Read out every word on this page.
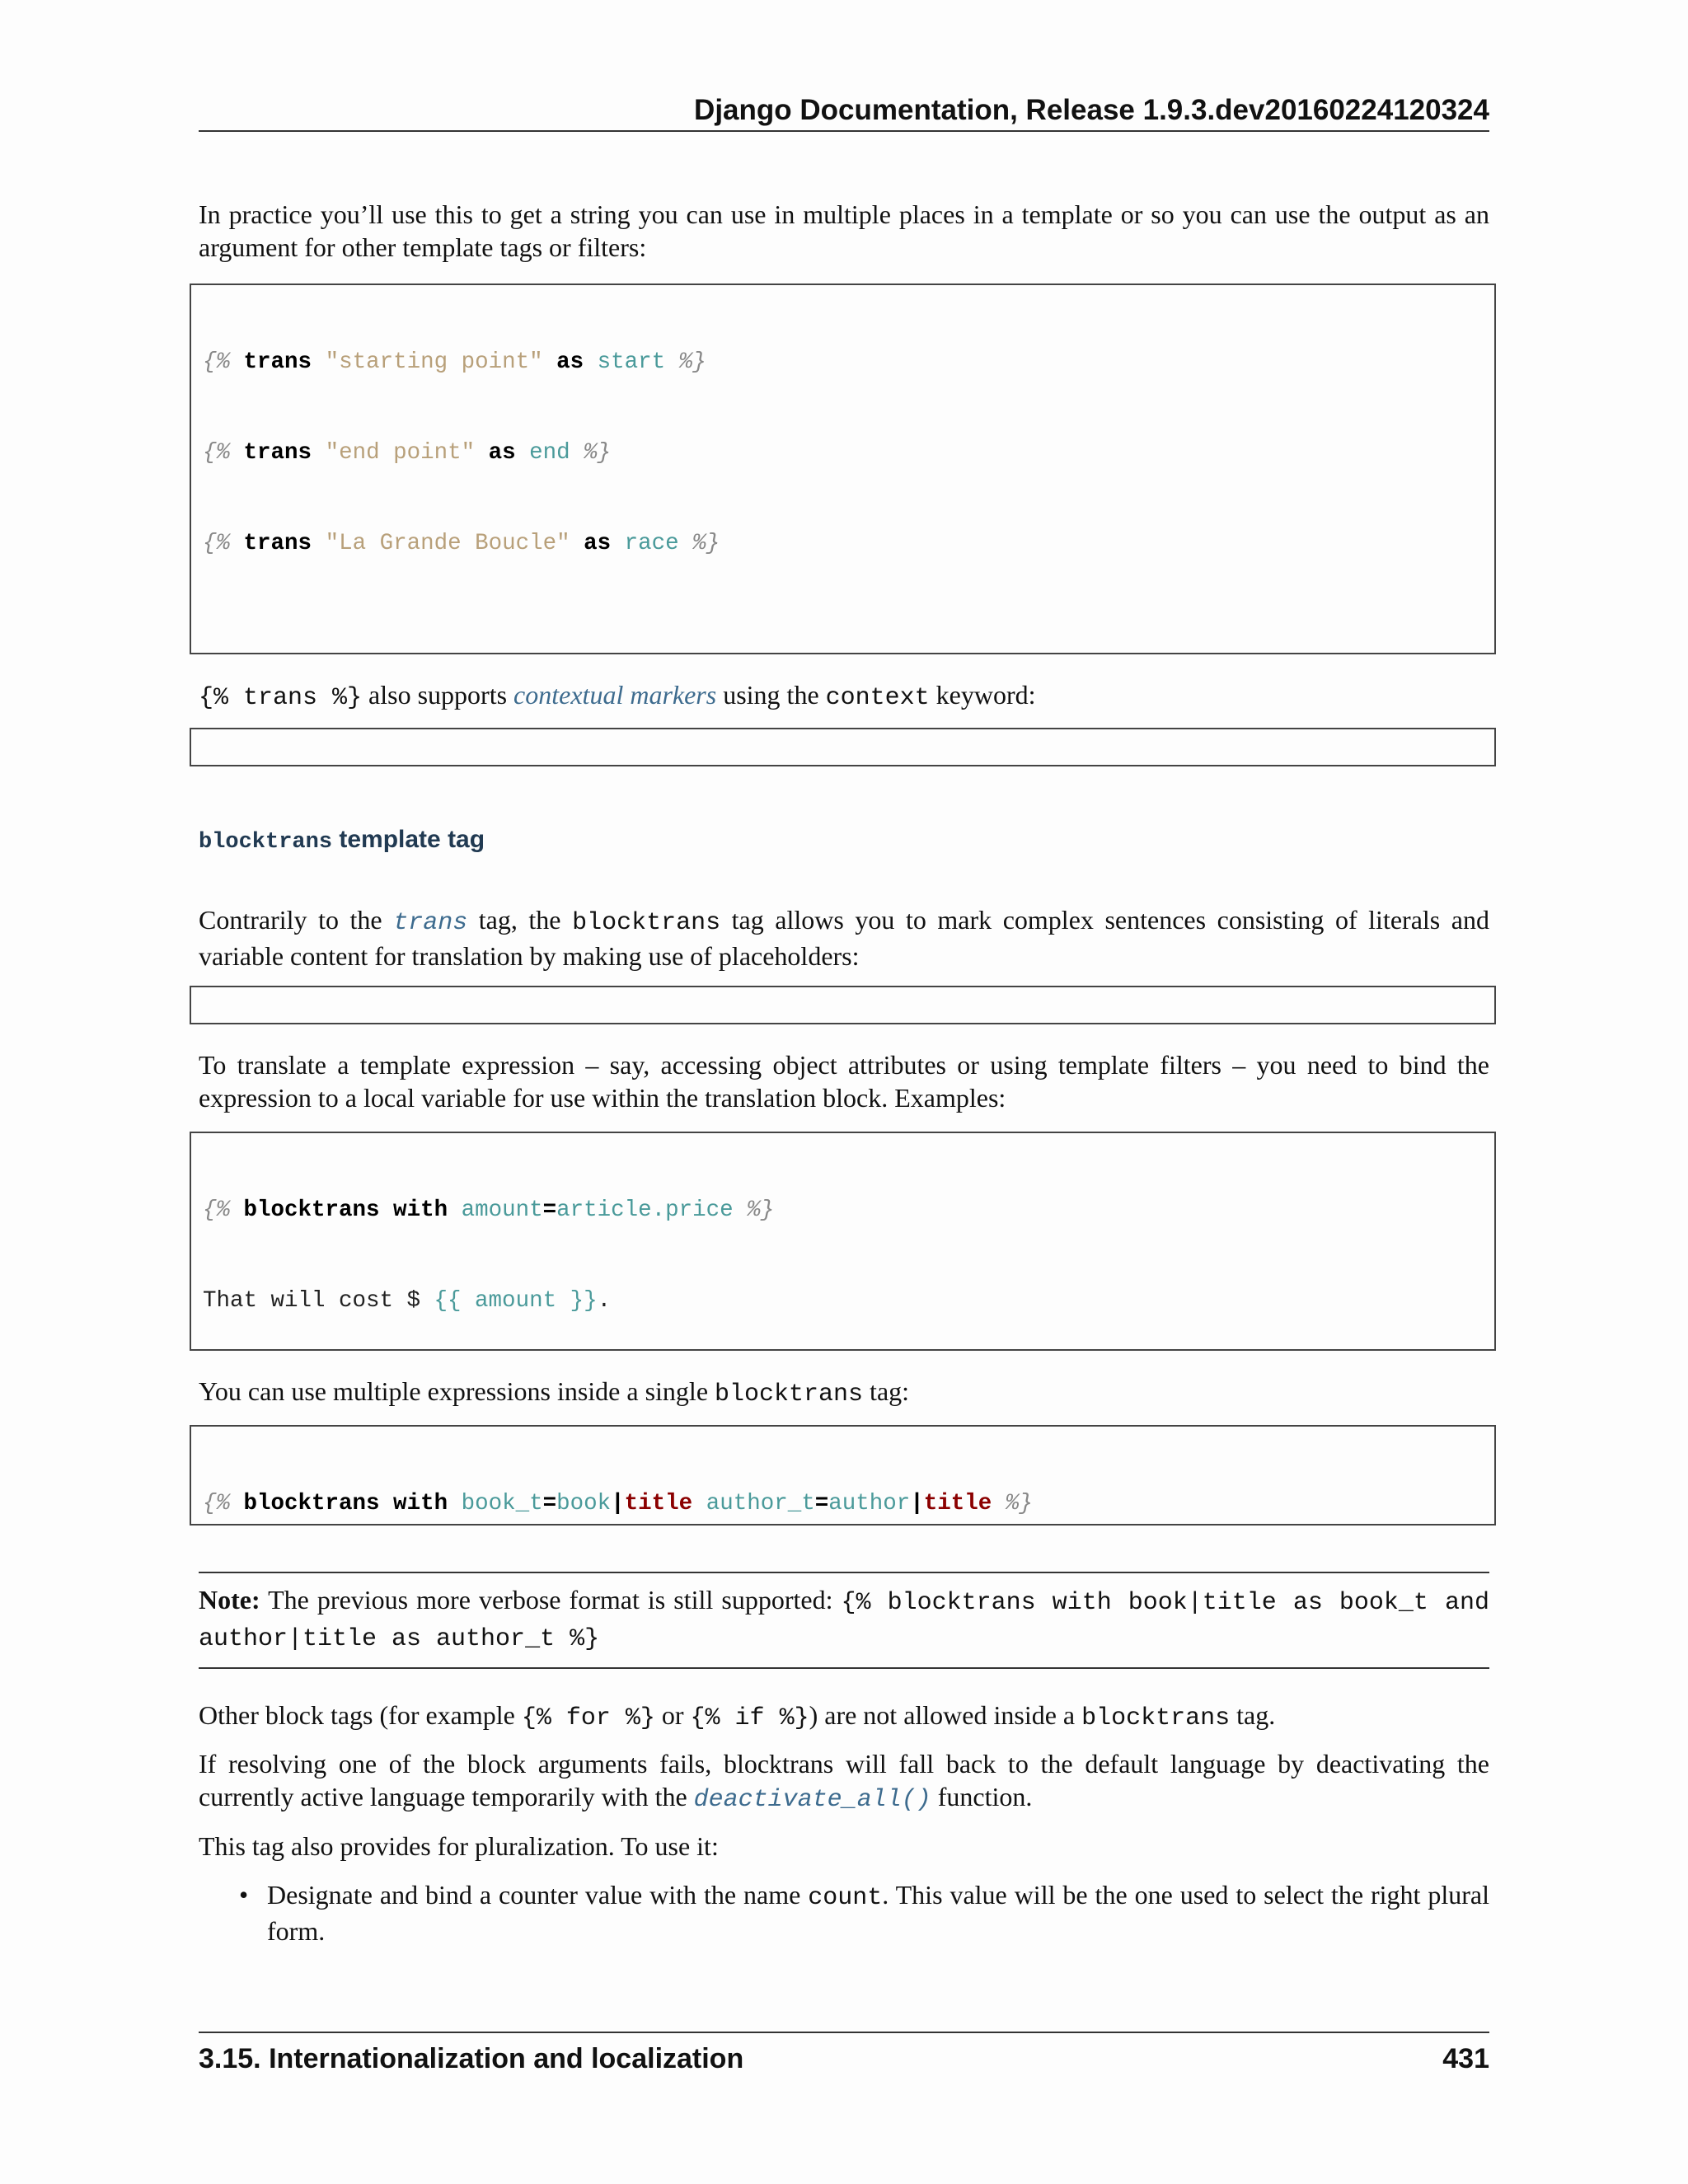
Django Documentation, Release 1.9.3.dev20160224120324

In practice you’ll use this to get a string you can use in multiple places in a template or so you can use the output as an argument for other template tags or filters:

{% trans "starting point" as start %}

{% trans "end point" as end %}

{% trans "La Grande Boucle" as race %}

{% trans %} also supports contextual markers using the context keyword:

blocktrans template tag

Contrarily to the trans tag, the blocktrans tag allows you to mark complex sentences consisting of literals and variable content for translation by making use of placeholders:

To translate a template expression – say, accessing object attributes or using template filters – you need to bind the expression to a local variable for use within the translation block. Examples:

{% blocktrans with amount=article.price %}

That will cost $ {{ amount }}.

You can use multiple expressions inside a single blocktrans tag:

{% blocktrans with book_t=book|title author_t=author|title %}

Note: The previous more verbose format is still supported: {% blocktrans with book|title as book_t and author|title as author_t %}

Other block tags (for example {% for %} or {% if %}) are not allowed inside a blocktrans tag.

If resolving one of the block arguments fails, blocktrans will fall back to the default language by deactivating the currently active language temporarily with the deactivate_all() function.

This tag also provides for pluralization. To use it:

• Designate and bind a counter value with the name count. This value will be the one used to select the right plural form.

3.15. Internationalization and localization	431
